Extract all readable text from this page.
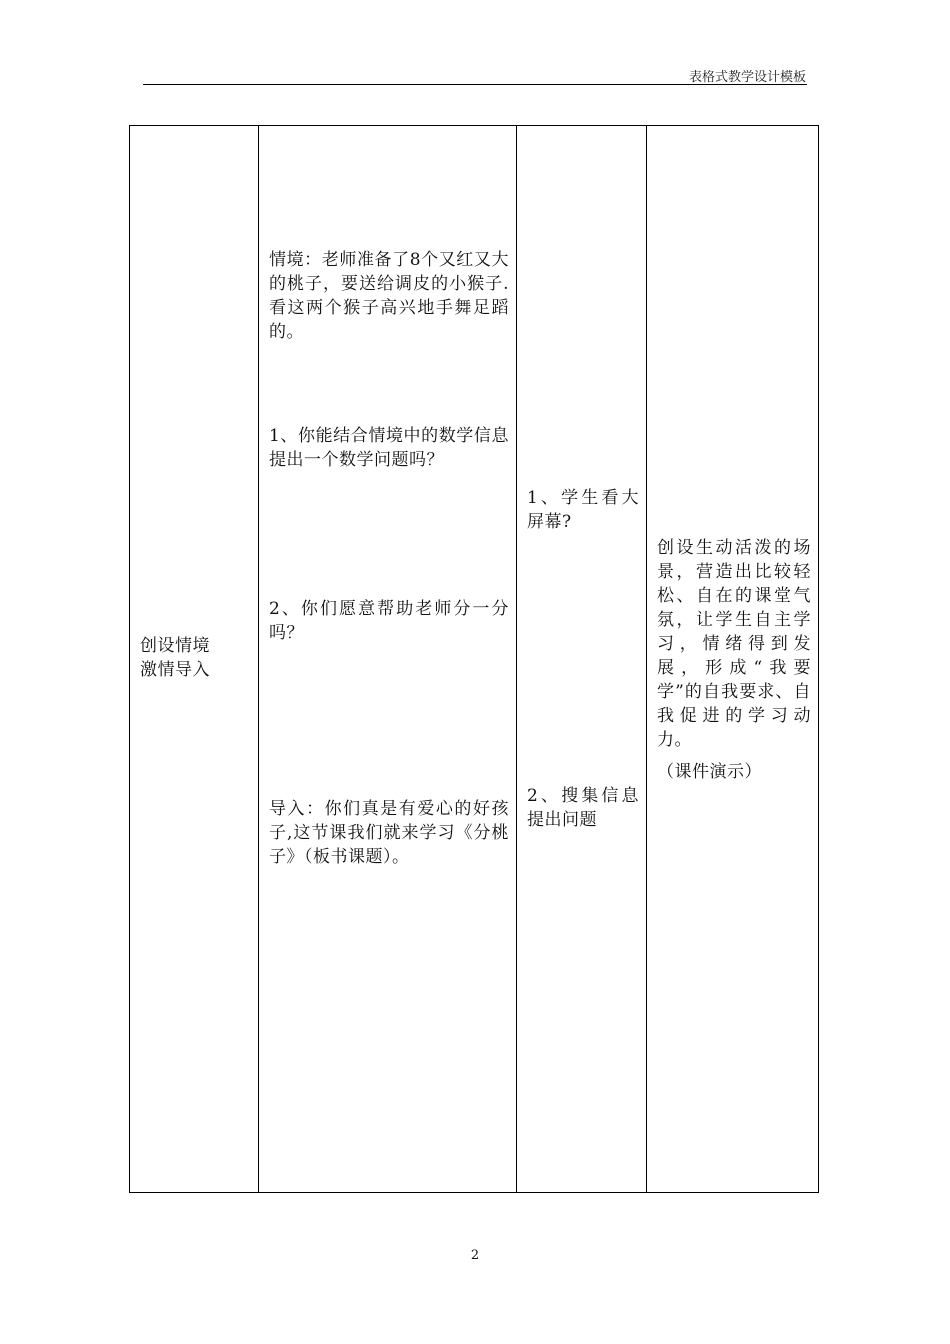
表格式教学设计模板
创设情境
激情导入
情境：老师准备了8个又红又大的桃子，要送给调皮的小猴子.看这两个猴子高兴地手舞足蹈的。
1、你能结合情境中的数学信息提出一个数学问题吗？
2、你们愿意帮助老师分一分吗？
导入：你们真是有爱心的好孩子,这节课我们就来学习《分桃子》（板书课题）。
1、学生看大屏幕?
2、搜集信息提出问题
创设生动活泼的场景，营造出比较轻松、自在的课堂气氛，让学生自主学习，情绪得到发展，形成“我要学”的自我要求、自我促进的学习动力。
（课件演示）
2
